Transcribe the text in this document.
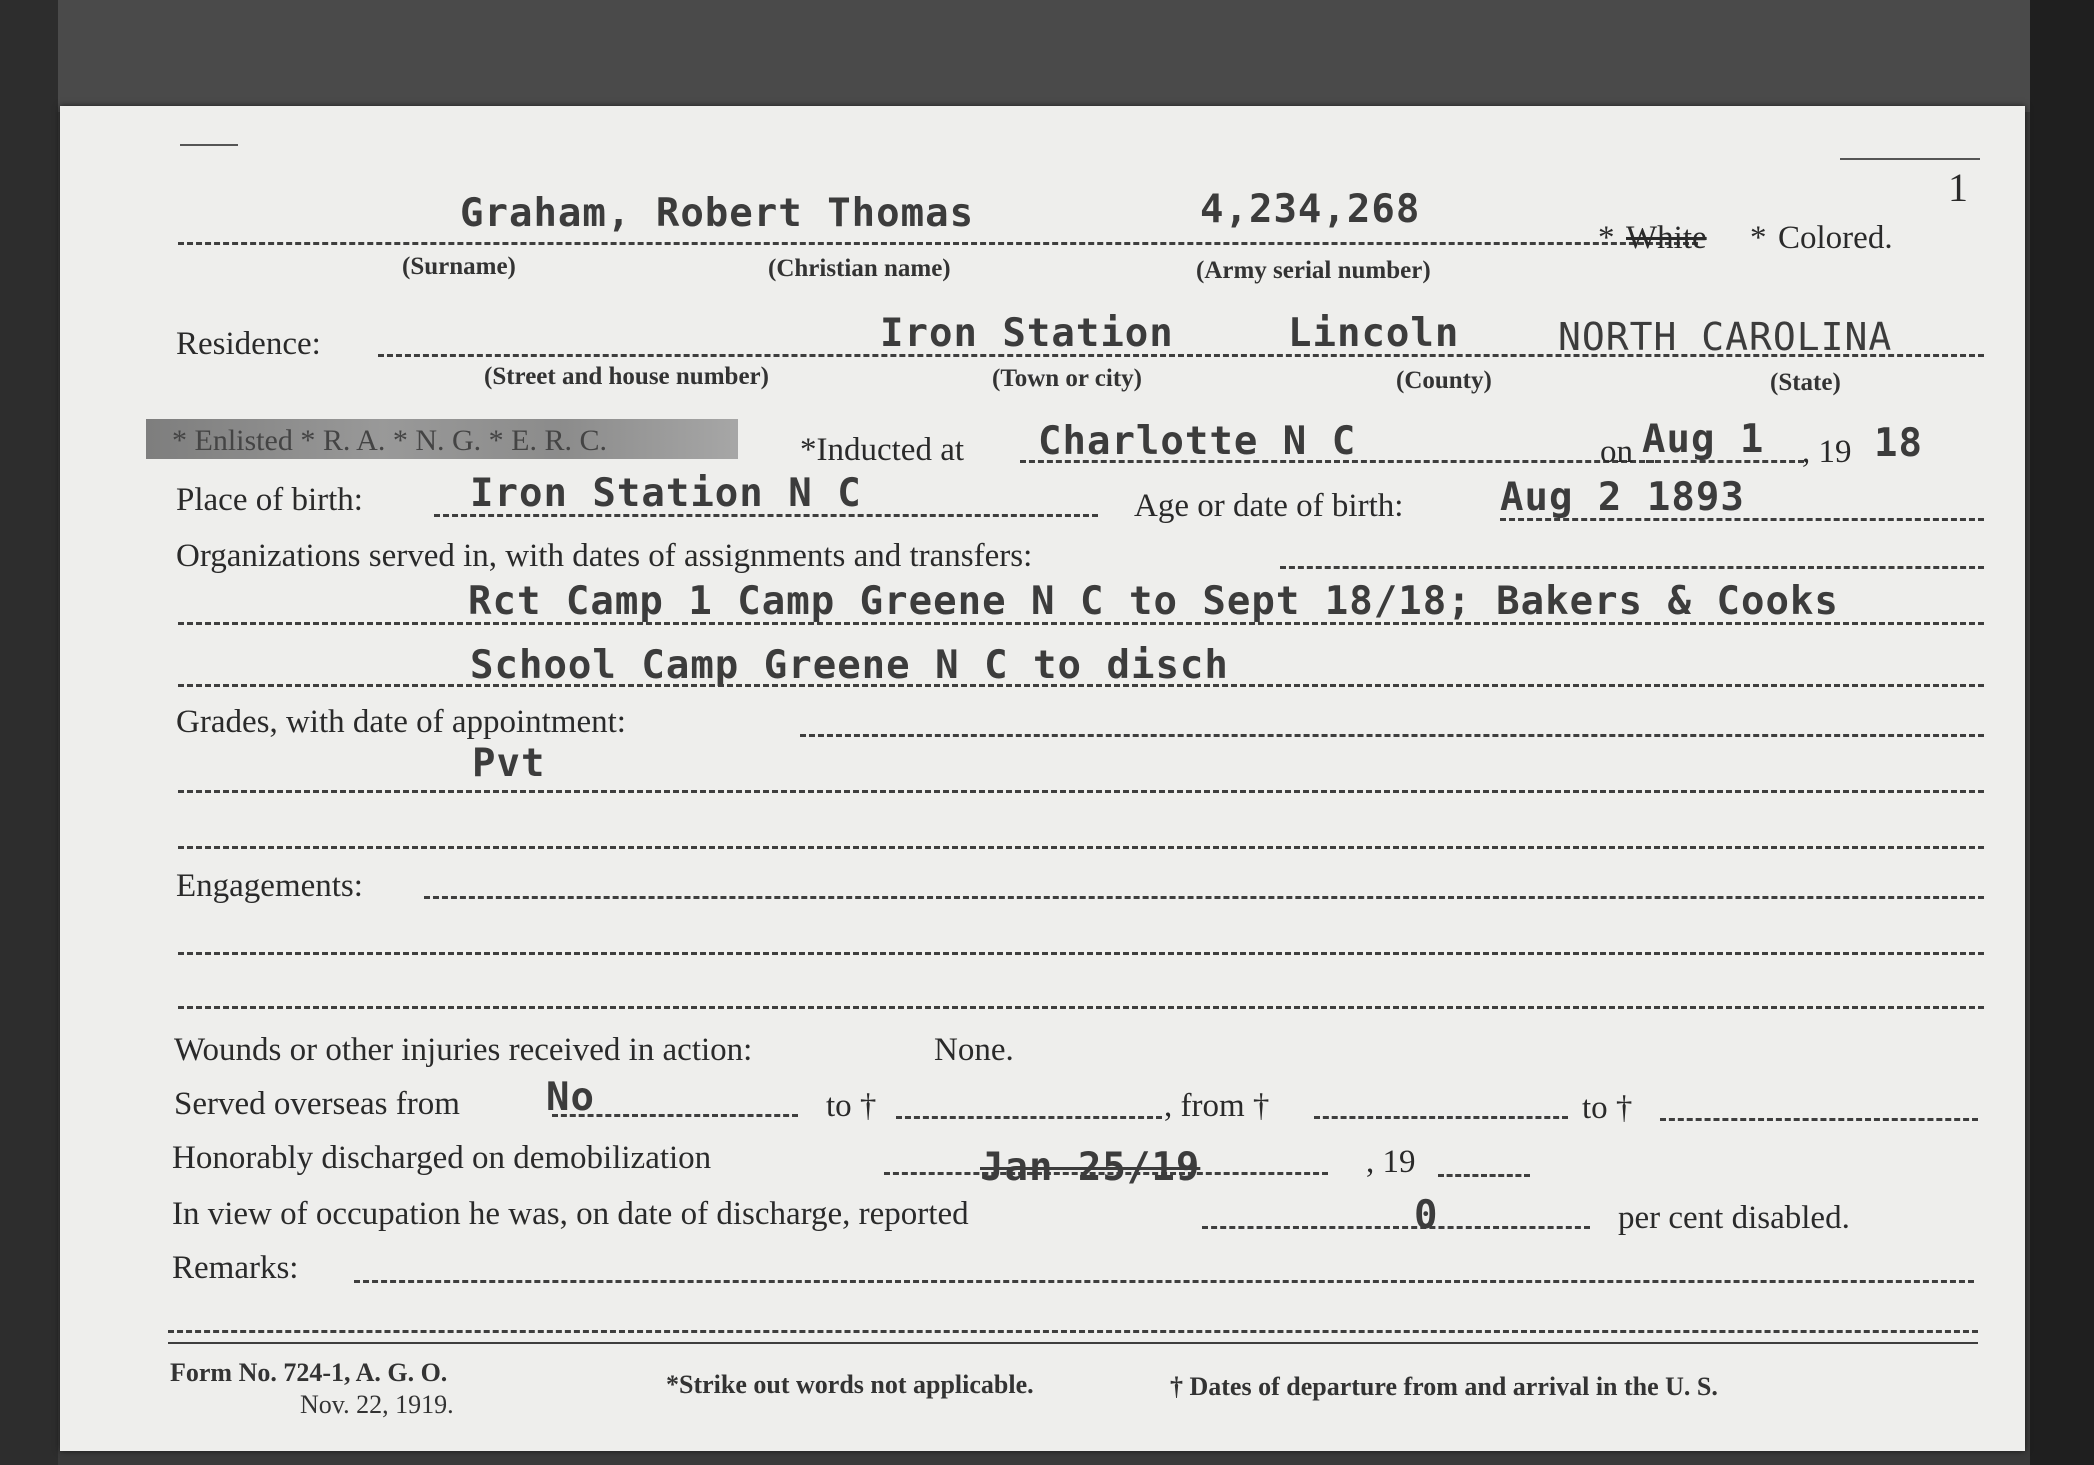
1
Graham, Robert Thomas	4,234,268
* White * Colored.
(Surname)	(Christian name)	(Army serial number)
Residence:	Iron Station	Lincoln	NORTH CAROLINA
(Street and house number)	(Town or city)	(County)	(State)
* Enlisted * R. A. * N. G. * E. R. C.	*Inducted at Charlotte N C	on Aug 1 , 19 18
Place of birth:	Iron Station N C	Age or date of birth: Aug 2 1893
Organizations served in, with dates of assignments and transfers:
Rct Camp 1 Camp Greene N C to Sept 18/18; Bakers & Cooks
School Camp Greene N C to disch
Grades, with date of appointment:
Pvt
Engagements:
Wounds or other injuries received in action:	None.
Served overseas from No	to †	, from †	to †
Honorably discharged on demobilization	Jan 25/19	, 19
In view of occupation he was, on date of discharge, reported	0	per cent disabled.
Remarks:
Form No. 724-1, A. G. O.
Nov. 22, 1919.
*Strike out words not applicable.	† Dates of departure from and arrival in the U. S.
